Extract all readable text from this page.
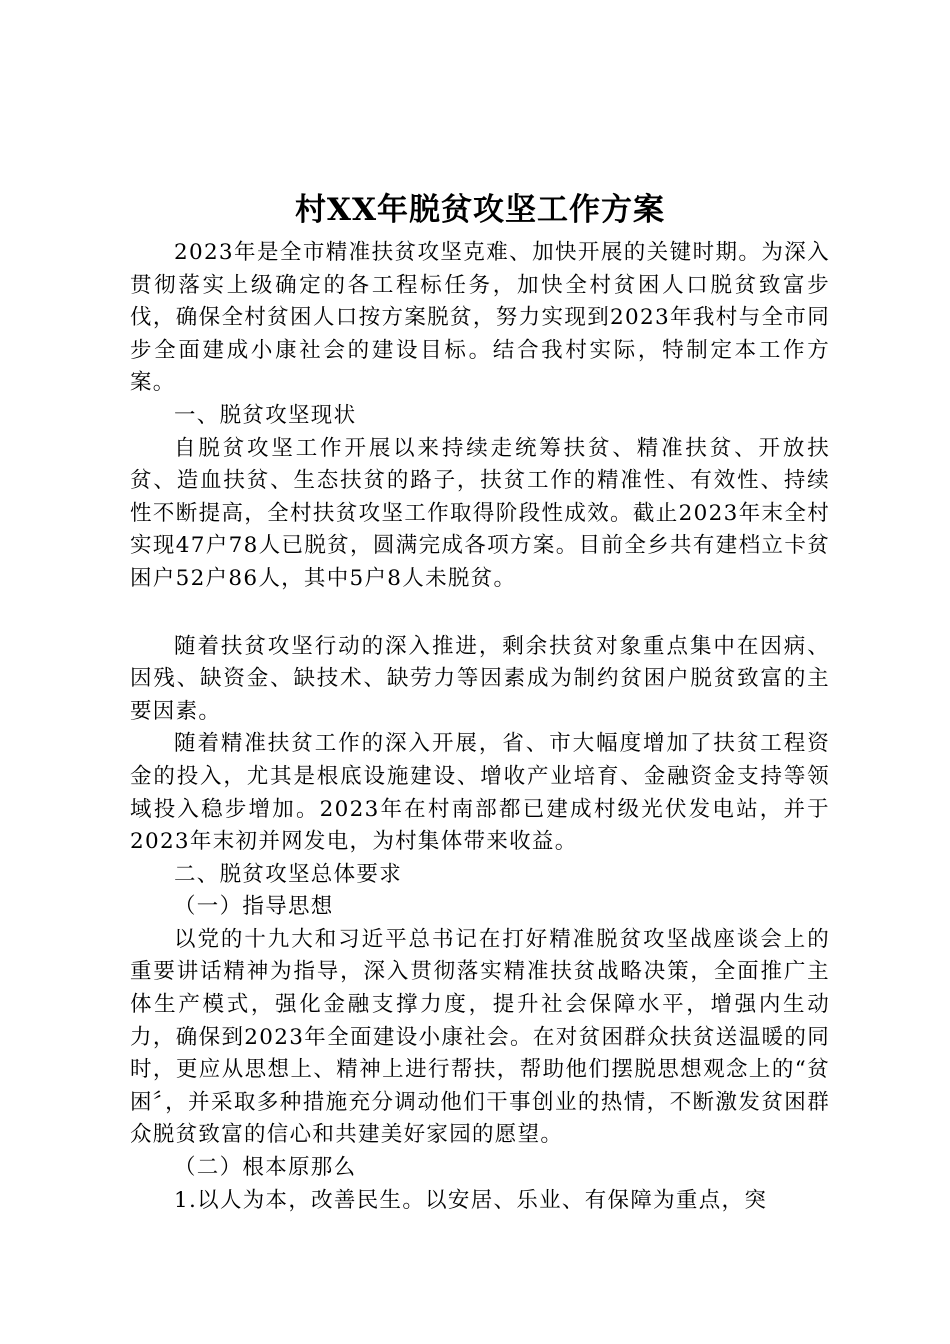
村XX年脱贫攻坚工作方案

2023年是全市精准扶贫攻坚克难、加快开展的关键时期。为深入贯彻落实上级确定的各工程标任务，加快全村贫困人口脱贫致富步伐，确保全村贫困人口按方案脱贫，努力实现到2023年我村与全市同步全面建成小康社会的建设目标。结合我村实际，特制定本工作方案。

一、脱贫攻坚现状

自脱贫攻坚工作开展以来持续走统筹扶贫、精准扶贫、开放扶贫、造血扶贫、生态扶贫的路子，扶贫工作的精准性、有效性、持续性不断提高，全村扶贫攻坚工作取得阶段性成效。截止2023年末全村实现47户78人已脱贫，圆满完成各项方案。目前全乡共有建档立卡贫困户52户86人，其中5户8人未脱贫。

随着扶贫攻坚行动的深入推进，剩余扶贫对象重点集中在因病、因残、缺资金、缺技术、缺劳力等因素成为制约贫困户脱贫致富的主要因素。

随着精准扶贫工作的深入开展，省、市大幅度增加了扶贫工程资金的投入，尤其是根底设施建设、增收产业培育、金融资金支持等领域投入稳步增加。2023年在村南部都已建成村级光伏发电站，并于2023年末初并网发电，为村集体带来收益。

二、脱贫攻坚总体要求

（一）指导思想

以党的十九大和习近平总书记在打好精准脱贫攻坚战座谈会上的重要讲话精神为指导，深入贯彻落实精准扶贫战略决策，全面推广主体生产模式，强化金融支撑力度，提升社会保障水平，增强内生动力，确保到2023年全面建设小康社会。在对贫困群众扶贫送温暖的同时，更应从思想上、精神上进行帮扶，帮助他们摆脱思想观念上的“贫困〞，并采取多种措施充分调动他们干事创业的热情，不断激发贫困群众脱贫致富的信心和共建美好家园的愿望。

（二）根本原那么

1.以人为本，改善民生。以安居、乐业、有保障为重点，突
